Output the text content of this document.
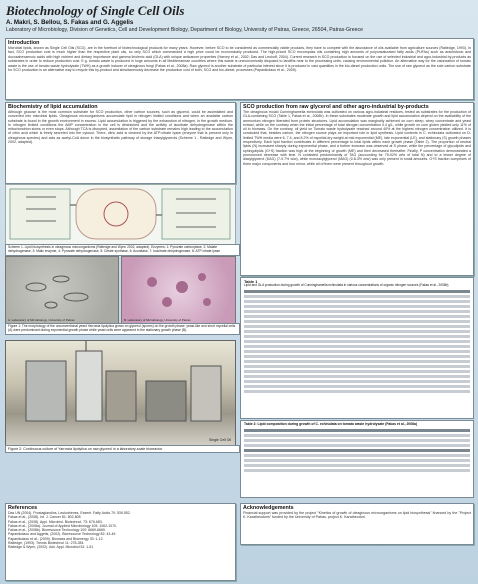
Biotechnology of Single Cell Oils
A. Makri, S. Bellou, S. Fakas and G. Aggelis
Laboratory of Microbiology, Division of Genetics, Cell and Development Biology, Department of Biology, University of Patras, Greece, 26504, Patras-Greece
Introduction
Microbial lipids, known as Single Cell Oils (SCO), are in the forefront of biotechnological products for many years. However, before SCO to be considered as commercially viable products, they have to compete with the abundance of oils available from agriculture sources (Ratledge, 1993). In fact, SCO production cost is much higher than the respective plant oils, so only SCO which commanded a high price could be economically produced. The high-priced SCO encompass oils containing high amounts of polyunsaturated fatty acids (PUFAs) such as arachidonic and docosahexaenoic acids with high nutrient and dietary importance and gamma linolenic acid (GLA) with unique anticancer properties (Harvey et al., 2002; Das and Leukoff, 2004). Current research in SCO production is focused on the use of selected industrial and agro-industrial by-products as substrates in order to reduce production cost. E.g. tomato waste is produced in huge amounts in all Mediterranean countries where this waste is uneconomically disposed to landfills near to the processing units, causing environmental pollution. An alternative way for the valorization of tomato waste is the use of tomato waste hydrolysate (TWH) as a growth inducer of oleaginous fungi (Fakas et al., 2008a). Raw glycerol is another substrate of particular interest since it is produced in vast quantities in the bio-diesel production units. The use of raw glycerol as the sole carbon substrate for SCO production is an alternative way to recycle this by-product and simultaneously decrease the production cost of both, SCO and bio-diesel, processes (Papanikolaou et al., 2009).
Biochemistry of lipid accumulation
Although glucose is the most common substrate for SCO production, other carbon sources, such as glycerol, could be assimilated and converted into microbial lipids. Oleaginous microorganisms accumulate lipid in nitrogen limited conditions and when an available carbon substrate is found in the growth environment in excess. Lipid accumulation is triggered by the exhaustion of nitrogen, in the growth medium. In nitrogen limited conditions the AMP concentration in the cell is diminished and the activity of isocitrate dehydrogenase within the mitochondrion slows or even stops. Although TCA is disrupted, assimilation of the carbon substrate remains high leading to the accumulation of citric acid which is freely secreted into the cytosol. There, citric acid is cleaved by the ATP:citrate lyase (enzyme that is present only in oleaginous species) and acts as acetyl-CoA donor in the biosynthetic pathway of storage triacylglycerols (Scheme 1 - Ratledge and Wynn, 2002, adapted).
Scheme 1. Lipid biosynthesis in oleaginous microorganisms (Ratledge and Wynn 2002, adapted). Enzymes: 1: Pyruvate carboxylase, 2: Malate dehydrogenase, 3: Malic enzyme, 4: Pyruvate dehydrogenase, 5: Citrate synthase, 6: Aconitase, 7: Isocitrate dehydrogenase, 8: ATP citrate lyase
A. Laboratory of Microbiology, University of Patras	B. Laboratory of Microbiology, University of Patras
Figure 1: The morphology of the unconventional yeast Yarrowia lipolytica grown on glycerol (spores) on the growth phase: yeast-like and short mycelial cells (A) were predominant during exponential growth phase while yeast cells were appeared in the stationary growth phase (B).
Single Cell Oil
Figure 2: Continuous culture of Yarrowia lipolytica on raw glycerol in a laboratory-scale bioreactor
SCO production from raw glycerol and other agro-industrial by-products
The oleaginous mould Cunninghamella echinulata was cultivated on various agro-industrial residues, tested as substrates for the production of GLA-containing SCO (Table 1, Fakas et al., 2008b). In these substrates moderate growth and lipid accumulation depend on the availability of the ammonium nitrogen liberated from protein structures. Lipid accumulation was marginally achieved on corn steep, whey concentrate and yeast extract, while on the contrary when the initial percentage of total nitrogen concentration 0.4 g/L, while growth on corn gluten yielded only 11% of oil in biomass. On the contrary, oil yield on Tomato waste hydrolysate reached around 40% at the highest nitrogen concentration utilized. It is concluded that, besides carbon, the nitrogen source plays an important role in lipid synthesis. Lipid contents in C. echinulata cultivated on D-limited TWH media were 6, 7.4, and 8.2% of mycelial dry weight at mid exponential (ME), late exponential (LE), and stationary (S) growth phases respectively. Each lipid fraction contributes in different percentage to total lipids within each growth phase (Table 2). The proportion of neutral lipids (N) increased sharply during exponential phase, and a further increase was observed at S phase, while the percentage of glycolipids and sphingolipids (G+S) fraction was high at the beginning of growth (ME) and then decreased thereafter. Finally, P concentration demonstrated a pronounced decrease with time. N consisted predominantly of TAG (accounting for 75-92% w/w of total N) and to a lesser degree of diacylglycerol (DAG) (7-9.7% w/w), while monoacylglycerol (MAG) (0.8-3% w/w) was only present in small amounts. G+S fraction comprises of three major components and four minor, while all of them were present throughout growth.
Table 1
Lipid and GLA production during growth of Cunninghamella echinulata in various concentrations of organic nitrogen sources (Fakas et al., 2008b)
Table 2: Lipid composition during growth of C. echinulata on tomato waste hydrolysate (Fakas et al., 2008a)
References
Das UN (2004). Prostaglandins, Leukotrienes, Essent. Fatty Acids 70: 539-552.
Fakas et al., (2008). Int. J. Cancer 81: 802-808
Fakas et al., (2008). Appl. Microbiol. Biotechnol. 73: 676-683.
Fakas et al., (2008a). Journal of Applied Microbiology 105: 1062-1070.
Fakas et al., (2008b). Bioresource Technology 100: 6669-6669.
Papanikolaou and Aggelis, (2002). Bioresource Technology 82: 43-49.
Papanikolaou et al., (2009). Biomass and Bioenergy 33: 1-12.
Ratledge, (1993). Trends Biotechnol 11: 278-284.
Ratledge & Wynn, (2002). Adv. Appl. Microbiol 51: 1-51
Acknowledgements
Financial support was provided by the project "Kinetics of growth of oleaginous microorganisms on lipid biosynthesis" financed by the "Project K. Karatheodoris" funded by the University of Patras, project K. Karatheodori.
